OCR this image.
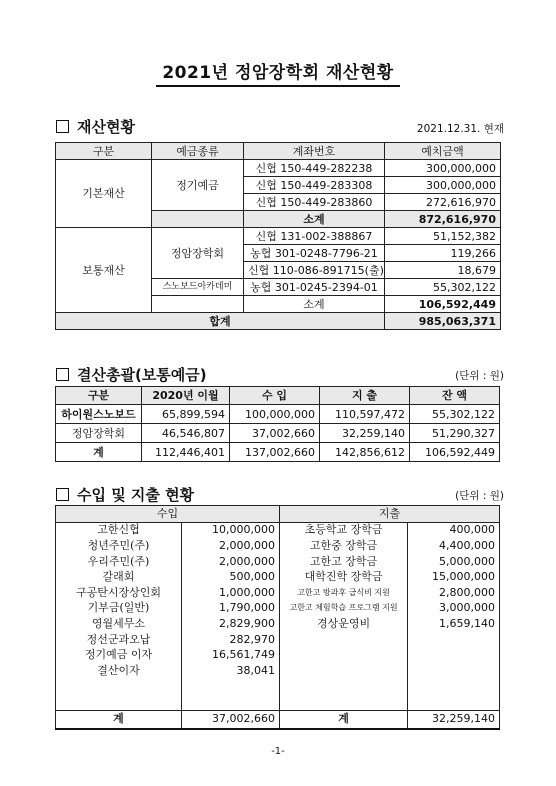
2021년 정암장학회 재산현황
재산현황	2021.12.31. 현재
구분	예금종류	계좌번호	예치금액
기본재산	정기예금	신협 150-449-282238	300,000,000
		신협 150-449-283308	300,000,000
		신협 150-449-283860	272,616,970
		소계	872,616,970
보통재산	정암장학회	신협 131-002-388867	51,152,382
		농협 301-0248-7796-21	119,266
		신협 110-086-891715(출)	18,679
	스노보드아카데미	농협 301-0245-2394-01	55,302,122
		소계	106,592,449
합계			985,063,371
결산총괄(보통예금)	(단위 : 원)
구분	2020년 이월	수 입	지 출	잔 액
하이원스노보드	65,899,594	100,000,000	110,597,472	55,302,122
정암장학회	46,546,807	37,002,660	32,259,140	51,290,327
계	112,446,401	137,002,660	142,856,612	106,592,449
수입 및 지출 현황	(단위 : 원)
수입		지출	
고한신협	10,000,000	초등학교 장학금	400,000
청년주민(주)	2,000,000	고한중 장학금	4,400,000
우리주민(주)	2,000,000	고한고 장학금	5,000,000
갈래회	500,000	대학진학 장학금	15,000,000
구공탄시장상인회	1,000,000	고한고 방과후 급식비 지원	2,800,000
기부금(일반)	1,790,000	고한고 체험학습 프로그램 지원	3,000,000
영월세무소	2,829,900	경상운영비	1,659,140
정선군과오납	282,970		
정기예금 이자	16,561,749		
결산이자	38,041		

계	37,002,660	계	32,259,140
-1-
